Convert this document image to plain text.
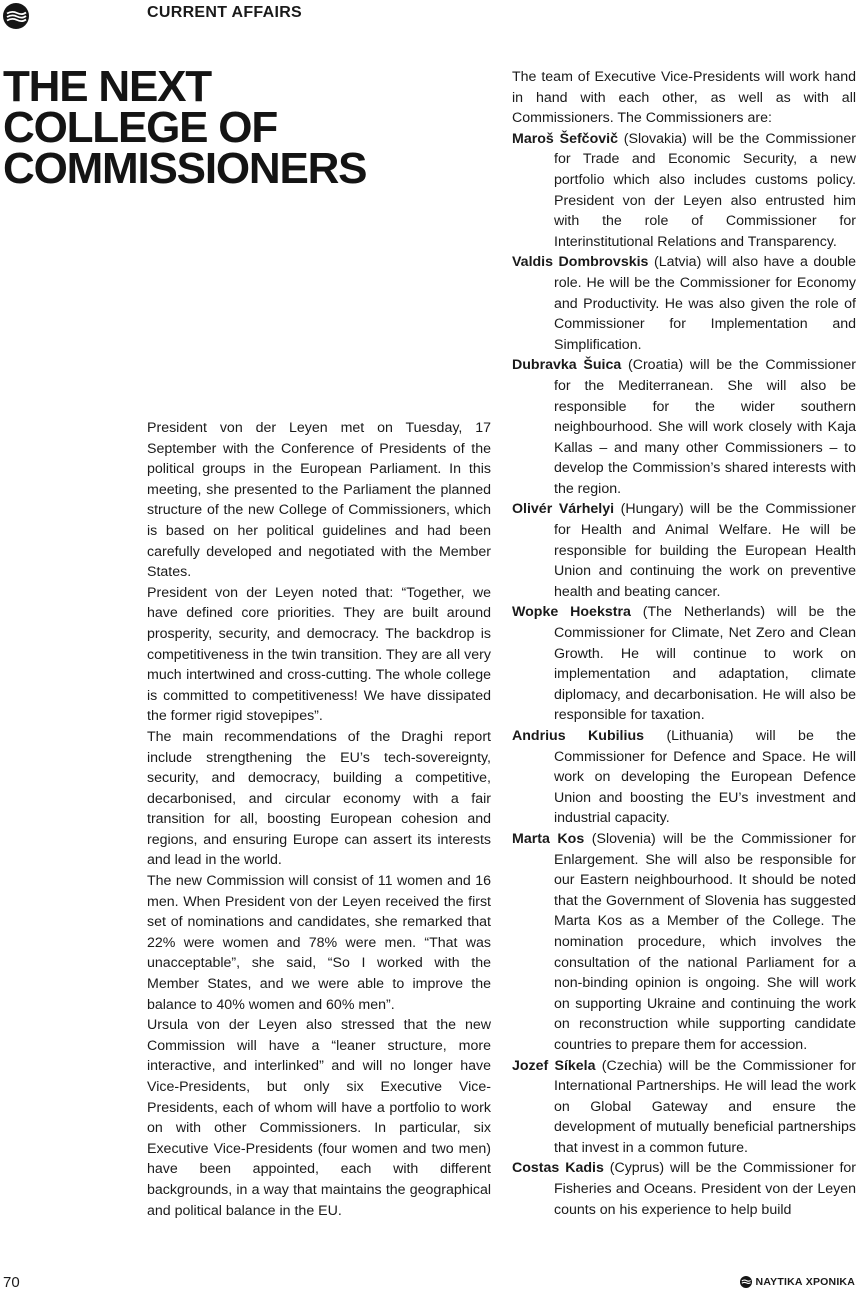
CURRENT AFFAIRS
THE NEXT
COLLEGE OF
COMMISSIONERS

President von der Leyen met on Tuesday, 17 September with the Conference of Presidents of the political groups in the European Parliament. In this meeting, she presented to the Parliament the planned structure of the new College of Commissioners, which is based on her political guidelines and had been carefully developed and negotiated with the Member States.

President von der Leyen noted that: “Together, we have defined core priorities. They are built around prosperity, security, and democracy. The backdrop is competitiveness in the twin transition. They are all very much intertwined and cross-cutting. The whole college is committed to competitiveness! We have dissipated the former rigid stovepipes”.

The main recommendations of the Draghi report include strengthening the EU’s tech-sovereignty, security, and democracy, building a competitive, decarbonised, and circular economy with a fair transition for all, boosting European cohesion and regions, and ensuring Europe can assert its interests and lead in the world.

The new Commission will consist of 11 women and 16 men. When President von der Leyen received the first set of nominations and candidates, she remarked that 22% were women and 78% were men. “That was unacceptable”, she said, “So I worked with the Member States, and we were able to improve the balance to 40% women and 60% men”.

Ursula von der Leyen also stressed that the new Commission will have a “leaner structure, more interactive, and interlinked” and will no longer have Vice-Presidents, but only six Executive Vice-Presidents, each of whom will have a portfolio to work on with other Commissioners. In particular, six Executive Vice-Presidents (four women and two men) have been appointed, each with different backgrounds, in a way that maintains the geographical and political balance in the EU.

The team of Executive Vice-Presidents will work hand in hand with each other, as well as with all Commissioners. The Commissioners are:

Maroš Šefčovič (Slovakia) will be the Commissioner for Trade and Economic Security, a new portfolio which also includes customs policy. President von der Leyen also entrusted him with the role of Commissioner for Interinstitutional Relations and Transparency.

Valdis Dombrovskis (Latvia) will also have a double role. He will be the Commissioner for Economy and Productivity. He was also given the role of Commissioner for Implementation and Simplification.

Dubravka Šuica (Croatia) will be the Commissioner for the Mediterranean. She will also be responsible for the wider southern neighbourhood. She will work closely with Kaja Kallas – and many other Commissioners – to develop the Commission’s shared interests with the region.

Olivér Várhelyi (Hungary) will be the Commissioner for Health and Animal Welfare. He will be responsible for building the European Health Union and continuing the work on preventive health and beating cancer.

Wopke Hoekstra (The Netherlands) will be the Commissioner for Climate, Net Zero and Clean Growth. He will continue to work on implementation and adaptation, climate diplomacy, and decarbonisation. He will also be responsible for taxation.

Andrius Kubilius (Lithuania) will be the Commissioner for Defence and Space. He will work on developing the European Defence Union and boosting the EU’s investment and industrial capacity.

Marta Kos (Slovenia) will be the Commissioner for Enlargement. She will also be responsible for our Eastern neighbourhood. It should be noted that the Government of Slovenia has suggested Marta Kos as a Member of the College. The nomination procedure, which involves the consultation of the national Parliament for a non-binding opinion is ongoing. She will work on supporting Ukraine and continuing the work on reconstruction while supporting candidate countries to prepare them for accession.

Jozef Síkela (Czechia) will be the Commissioner for International Partnerships. He will lead the work on Global Gateway and ensure the development of mutually beneficial partnerships that invest in a common future.

Costas Kadis (Cyprus) will be the Commissioner for Fisheries and Oceans. President von der Leyen counts on his experience to help build

70	ΝΑΥΤΙΚΑ ΧΡΟΝΙΚΑ
